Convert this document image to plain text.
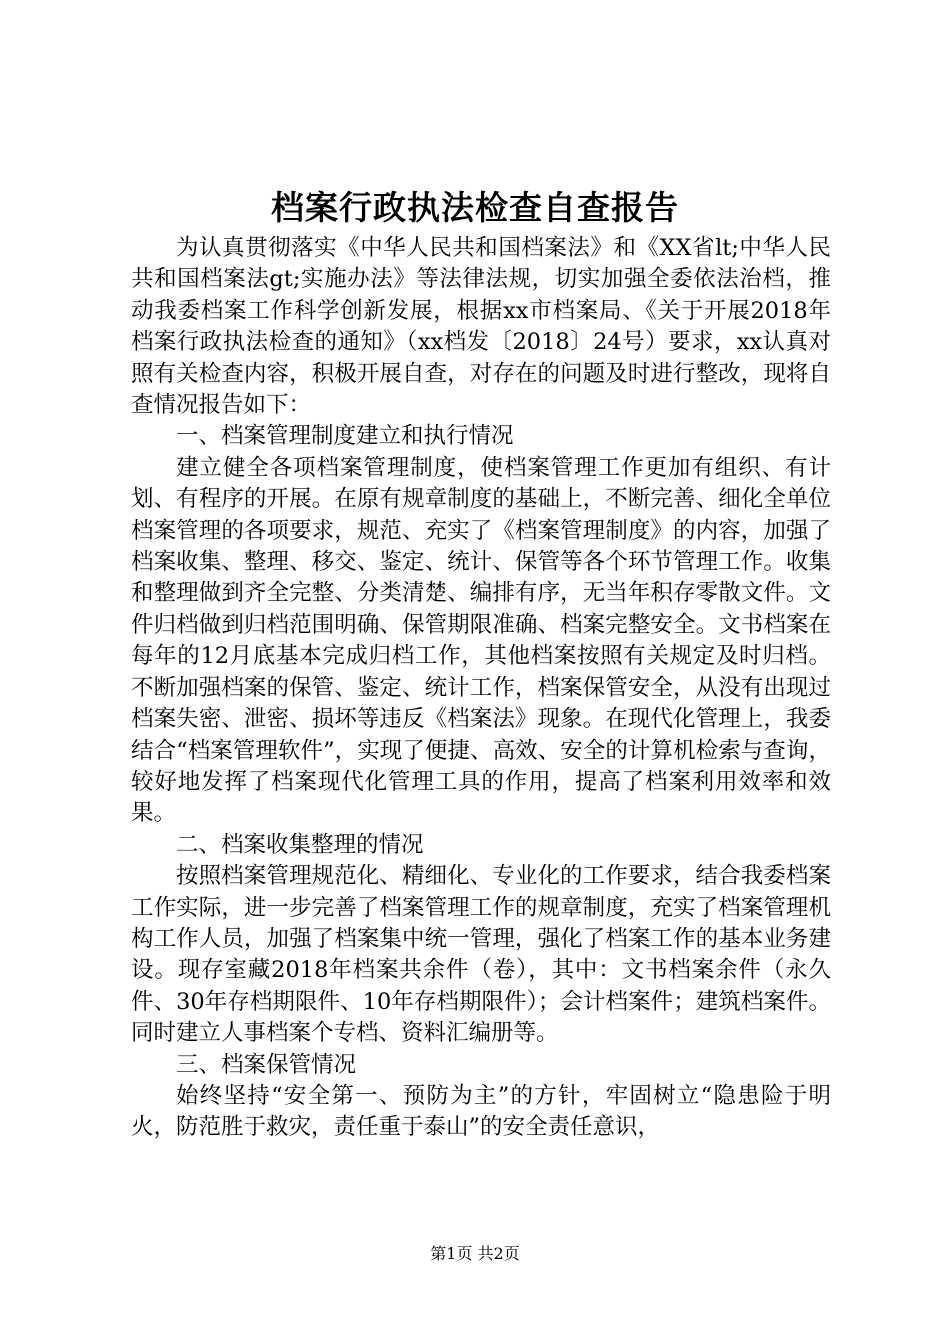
档案行政执法检查自查报告

为认真贯彻落实《中华人民共和国档案法》和《XX省lt;中华人民共和国档案法gt;实施办法》等法律法规，切实加强全委依法治档，推动我委档案工作科学创新发展，根据xx市档案局、《关于开展2018年档案行政执法检查的通知》（xx档发〔2018〕24号）要求，xx认真对照有关检查内容，积极开展自查，对存在的问题及时进行整改，现将自查情况报告如下：

一、档案管理制度建立和执行情况

建立健全各项档案管理制度，使档案管理工作更加有组织、有计划、有程序的开展。在原有规章制度的基础上，不断完善、细化全单位档案管理的各项要求，规范、充实了《档案管理制度》的内容，加强了档案收集、整理、移交、鉴定、统计、保管等各个环节管理工作。收集和整理做到齐全完整、分类清楚、编排有序，无当年积存零散文件。文件归档做到归档范围明确、保管期限准确、档案完整安全。文书档案在每年的12月底基本完成归档工作，其他档案按照有关规定及时归档。不断加强档案的保管、鉴定、统计工作，档案保管安全，从没有出现过档案失密、泄密、损坏等违反《档案法》现象。在现代化管理上，我委结合“档案管理软件”，实现了便捷、高效、安全的计算机检索与查询，较好地发挥了档案现代化管理工具的作用，提高了档案利用效率和效果。

二、档案收集整理的情况

按照档案管理规范化、精细化、专业化的工作要求，结合我委档案工作实际，进一步完善了档案管理工作的规章制度，充实了档案管理机构工作人员，加强了档案集中统一管理，强化了档案工作的基本业务建设。现存室藏2018年档案共余件（卷），其中：文书档案余件（永久件、30年存档期限件、10年存档期限件）；会计档案件；建筑档案件。同时建立人事档案个专档、资料汇编册等。

三、档案保管情况

始终坚持“安全第一、预防为主”的方针，牢固树立“隐患险于明火，防范胜于救灾，责任重于泰山”的安全责任意识，

第1页 共2页
